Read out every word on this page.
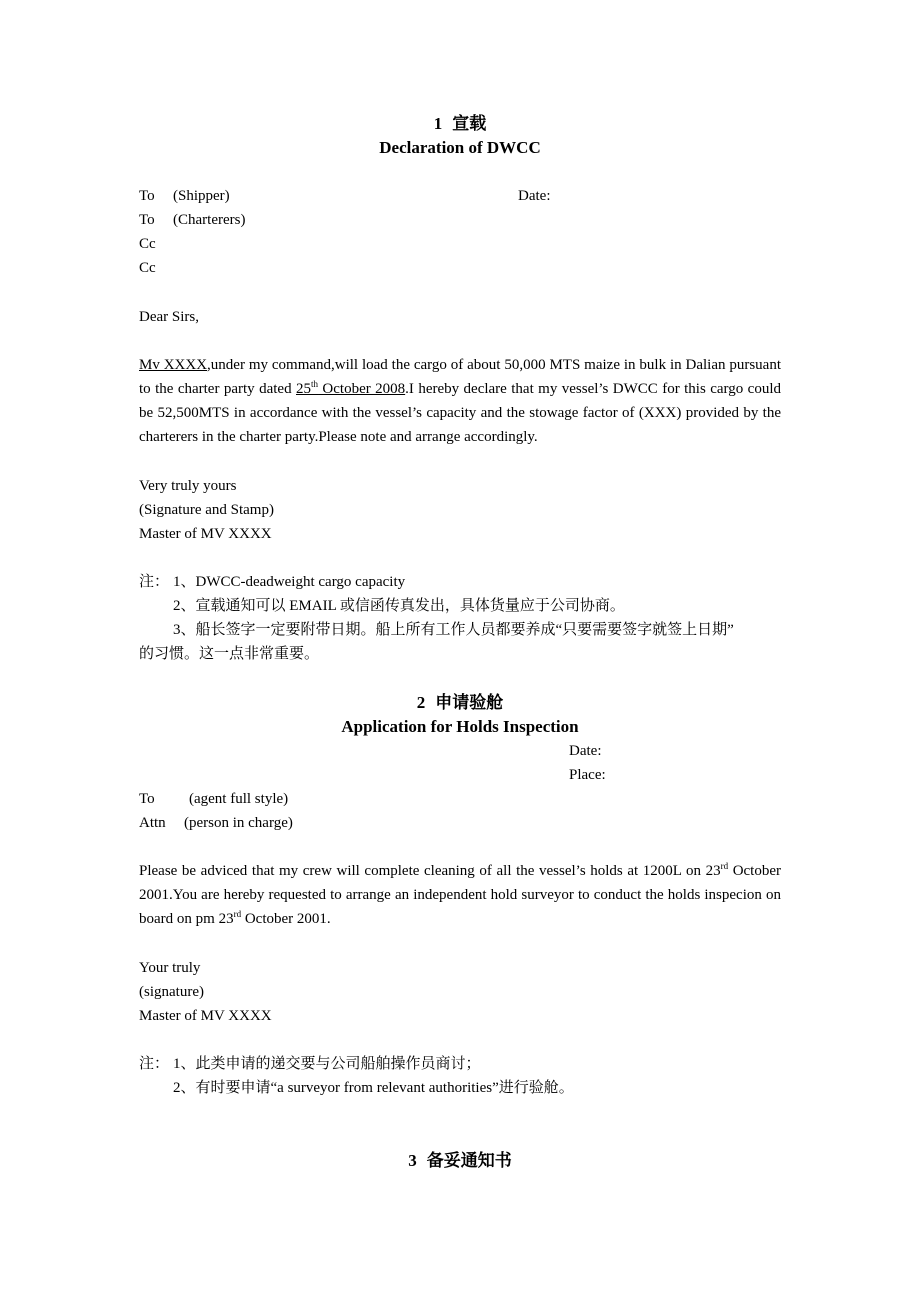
1 宣载
Declaration of DWCC
To (Shipper)	Date:
To (Charterers)
Cc
Cc
Dear Sirs,
Mv XXXX,under my command,will load the cargo of about 50,000 MTS maize in bulk in Dalian pursuant to the charter party dated 25th October 2008.I hereby declare that my vessel’s DWCC for this cargo could be 52,500MTS in accordance with the vessel’s capacity and the stowage factor of (XXX) provided by the charterers in the charter party.Please note and arrange accordingly.
Very truly yours
(Signature and Stamp)
Master of MV XXXX
注： 1、DWCC-deadweight cargo capacity
2、宣载通知可以 EMAIL 或信函传真发出，具体货量应于公司协商。
3、船长签字一定要附带日期。船上所有工作人员都要养成“只要需要签字就签上日期”
的习惯。这一点非常重要。
2 申请验舱
Application for Holds Inspection
Date:
Place:
To (agent full style)
Attn (person in charge)
Please be adviced that my crew will complete cleaning of all the vessel’s holds at 1200L on 23rd October 2001.You are hereby requested to arrange an independent hold surveyor to conduct the holds inspecion on board on pm 23rd October 2001.
Your truly
(signature)
Master of MV XXXX
注： 1、此类申请的递交要与公司船舶操作员商讨；
2、有时要申请“a surveyor from relevant authorities”进行验舱。
3 备妥通知书
